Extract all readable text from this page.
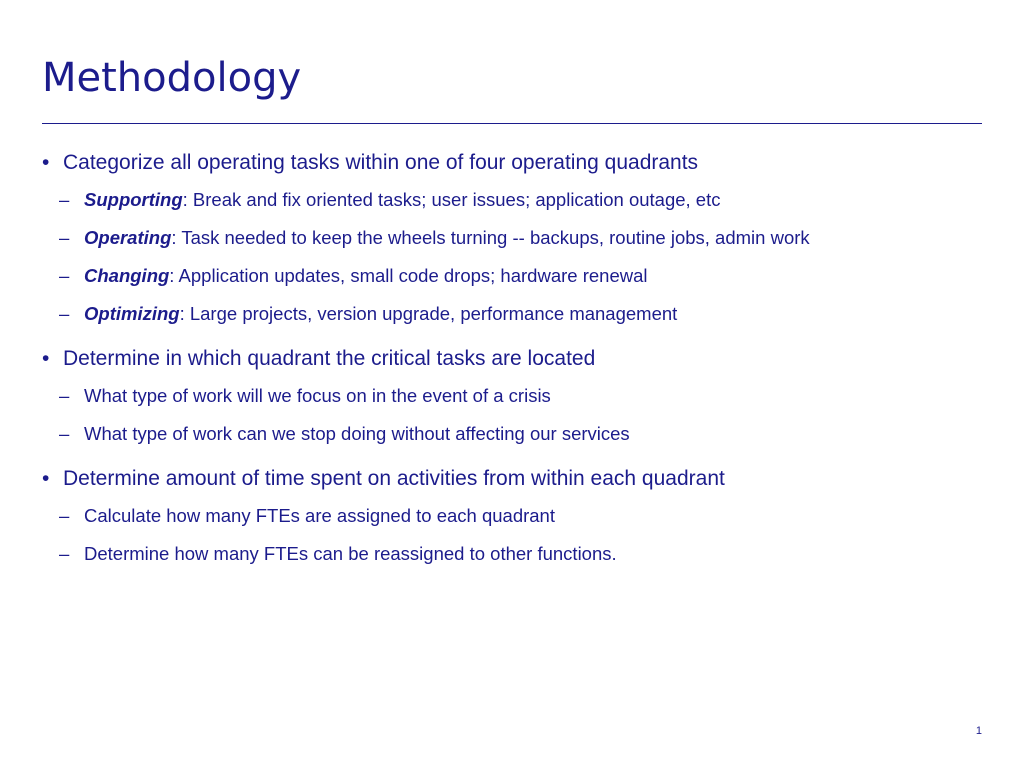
Methodology
• Categorize all operating tasks within one of four operating quadrants
– Supporting: Break and fix oriented tasks; user issues; application outage, etc
– Operating: Task needed to keep the wheels turning -- backups, routine jobs, admin work
– Changing: Application updates, small code drops; hardware renewal
– Optimizing: Large projects, version upgrade, performance management
• Determine in which quadrant the critical tasks are located
– What type of work will we focus on in the event of a crisis
– What type of work can we stop doing without affecting our services
• Determine amount of time spent on activities from within each quadrant
– Calculate how many FTEs are assigned to each quadrant
– Determine how many FTEs can be reassigned to other functions.
1
